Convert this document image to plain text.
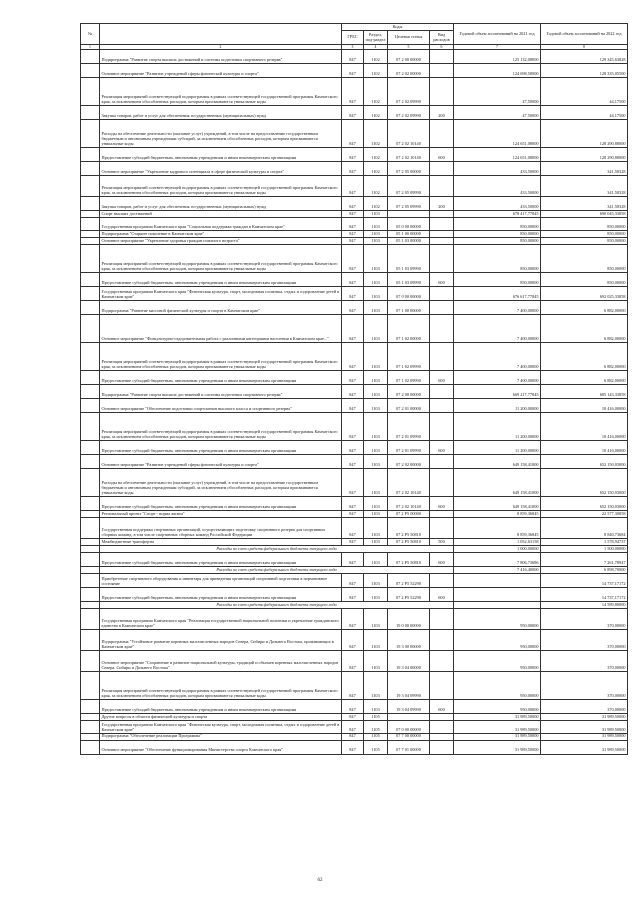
№		Коды				Годовой объем ассигнований на 2021 год	Годовой объем ассигнований на 2022 год
		ГРБС	Раздел, под-раздел	Целевая статья	Вид расходов		
1	2	3	4	5	6	7	8
	Подпрограмма "Развитие спорта высших достижений и системы подготовки спортивного резерва"	847	1102	07 2 00 00000		125 132,08000	129 345,63828
	Основное мероприятие "Развитие учреждений сферы физической культуры и спорта"	847	1102	07 2 02 00000		124 698,58000	128 335,05500
	Реализация мероприятий соответствующей подпрограммы в рамках соответствующей государственной программы Камчатского края, за исключением обособленных расходов, которым присваиваются уникальные коды	847	1102	07 2 02 09990		47,50000	44,17500
	Закупка товаров, работ и услуг для обеспечения государственных (муниципальных) нужд	847	1102	07 2 02 09990	200	47,50000	44,17500
	Расходы на обеспечение деятельности (оказание услуг) учреждений, в том числе на предоставление государственным бюджетным и автономным учреждениям субсидий, за исключением обособленных расходов, которым присваиваются уникальные коды	847	1102	07 2 02 10140		124 651,08000	128 290,88000
	Предоставление субсидий бюджетным, автономным учреждениям и иным некоммерческим организациям	847	1102	07 2 02 10140	600	124 651,08000	128 290,88000
	Основное мероприятие "Укрепление кадрового потенциала в сфере физической культуры и спорта"	847	1102	07 2 05 00000		433,50000	341,58328
	Реализация мероприятий соответствующей подпрограммы в рамках соответствующей государственной программы Камчатского края, за исключением обособленных расходов, которым присваиваются уникальные коды	847	1102	07 2 05 09990		433,50000	341,58328
	Закупка товаров, работ и услуг для обеспечения государственных (муниципальных) нужд	847	1102	07 2 05 09990	200	433,50000	341,58328
	Спорт высших достижений	847	1103			678 417,77845	690 045,33858
	Государственная программа Камчатского края "Социальная поддержка граждан в Камчатском крае"	847	1103	05 0 00 00000		850,00000	850,00000
	Подпрограмма "Старшее поколение в Камчатском крае"	847	1103	05 1 00 00000		850,00000	850,00000
	Основное мероприятие "Укрепление здоровья граждан пожилого возраста"	847	1103	05 1 03 00000		850,00000	850,00000
	Реализация мероприятий соответствующей подпрограммы в рамках соответствующей государственной программы Камчатского края, за исключением обособленных расходов, которым присваиваются уникальные коды	847	1103	05 1 03 09990		850,00000	850,00000
	Предоставление субсидий бюджетным, автономным учреждениям и иным некоммерческим организациям	847	1103	05 1 03 09990	600	850,00000	850,00000
	Государственная программа Камчатского края "Физическая культура, спорт, молодежная политика, отдых и оздоровление детей в Камчатском крае"	847	1103	07 0 00 00000		676 617,77845	692 025,33858
	Подпрограмма "Развитие массовой физической культуры и спорта в Камчатском крае"	847	1103	07 1 00 00000		7 400,00000	6 882,00000
	Основное мероприятие "Физкультурно-оздоровительная работа с различными категориями населения в Камчатском крае..."	847	1103	07 1 02 00000		7 400,00000	6 882,00000
	Реализация мероприятий соответствующей подпрограммы в рамках соответствующей государственной программы Камчатского края, за исключением обособленных расходов, которым присваиваются уникальные коды	847	1103	07 1 02 09990		7 400,00000	6 882,00000
	Предоставление субсидий бюджетным, автономным учреждениям и иным некоммерческим организациям	847	1103	07 1 02 09990	600	7 400,00000	6 882,00000
	Подпрограмма "Развитие спорта высших достижений и системы подготовки спортивного резерва"	847	1103	07 2 00 00000		669 217,77845	685 143,33858
	Основное мероприятие "Обеспечение подготовки спортсменов высокого класса и спортивного резерва"	847	1103	07 2 01 00000		11 200,00000	10 416,00000
	Реализация мероприятий соответствующей подпрограммы в рамках соответствующей государственной программы Камчатского края, за исключением обособленных расходов, которым присваиваются уникальные коды	847	1103	07 2 01 09990		11 200,00000	10 416,00000
	Предоставление субсидий бюджетным, автономным учреждениям и иным некоммерческим организациям	847	1103	07 2 01 09990	600	11 200,00000	10 416,00000
	Основное мероприятие "Развитие учреждений сферы физической культуры и спорта"	847	1103	07 2 02 00000		649 158,41000	652 150,03000
	Расходы на обеспечение деятельности (оказание услуг) учреждений, в том числе на предоставление государственным бюджетным и автономным учреждениям субсидий, за исключением обособленных расходов, которым присваиваются уникальные коды	847	1103	07 2 02 10140		649 158,41000	652 150,03000
	Предоставление субсидий бюджетным, автономным учреждениям и иным некоммерческим организациям	847	1103	07 2 02 10140	600	649 158,41000	652 150,03000
	Региональный проект "Спорт - норма жизни"	847	1103	07 2 P5 00000		8 859,36845	22 577,30858
	Государственная поддержка спортивных организаций, осуществляющих подготовку спортивного резерва для спортивных сборных команд, в том числе спортивных сборных команд Российской Федерации	847	1103	07 2 P5 50810		8 859,36845	8 840,73684
	Межбюджетные трансферты	847	1103	07 2 P5 50810	500	1 052,63158	1 578,94737
	Расходы за счет средств федерального бюджета текущего года					1 000,00000	1 500,00000
	Предоставление субсидий бюджетным, автономным учреждениям и иным некоммерческим организациям	847	1103	07 2 P5 50810	600	7 806,73686	7 261,78947
	Расходы за счет средств федерального бюджета текущего года					7 416,40000	6 898,70000
	Приобретение спортивного оборудования и инвентаря для приведения организаций спортивной подготовки в нормативное состояние	847	1103	07 2 P5 52290			14 737,17172
	Предоставление субсидий бюджетным, автономным учреждениям и иным некоммерческим организациям	847	1103	07 2 P5 52290	600		14 737,17172
	Расходы за счет средств федерального бюджета текущего года						14 589,80000
	Государственная программа Камчатского края "Реализация государственной национальной политики и укрепление гражданского единства в Камчатском крае"	847	1103	19 0 00 00000		950,00000	370,00000
	Подпрограмма "Устойчивое развитие коренных малочисленных народов Севера, Сибири и Дальнего Востока, проживающих в Камчатском крае"	847	1103	19 3 00 00000		950,00000	370,00000
	Основное мероприятие "Сохранение и развитие национальной культуры, традиций и обычаев коренных малочисленных народов Севера, Сибири и Дальнего Востока"	847	1103	19 3 04 00000		950,00000	370,00000
	Реализация мероприятий соответствующей подпрограммы в рамках соответствующей государственной программы Камчатского края, за исключением обособленных расходов, которым присваиваются уникальные коды	847	1103	19 3 04 09990		950,00000	370,00000
	Предоставление субсидий бюджетным, автономным учреждениям и иным некоммерческим организациям	847	1103	19 3 04 09990	600	950,00000	370,00000
	Другие вопросы в области физической культуры и спорта	847	1105			31 989,50000	31 989,50000
	Государственная программа Камчатского края "Физическая культура, спорт, молодежная политика, отдых и оздоровление детей в Камчатском крае"	847	1105	07 0 00 00000		31 989,50000	31 989,50000
	Подпрограмма "Обеспечение реализации Программы"	847	1105	07 7 00 00000		31 989,50000	31 989,50000
	Основное мероприятие "Обеспечение функционирования Министерства спорта Камчатского края"	847	1105	07 7 01 00000		31 989,50000	31 989,50000
62
